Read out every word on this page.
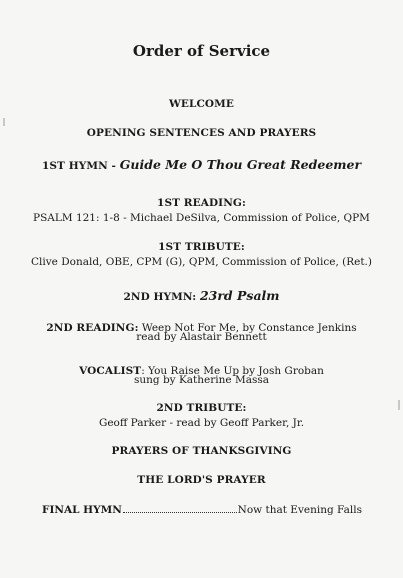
Order of Service
WELCOME
OPENING SENTENCES AND PRAYERS
1ST HYMN - Guide Me O Thou Great Redeemer
1ST READING:
PSALM 121: 1-8 - Michael DeSilva, Commission of Police, QPM
1ST TRIBUTE:
Clive Donald, OBE, CPM (G), QPM, Commission of Police, (Ret.)
2ND HYMN: 23rd Psalm
2ND READING: Weep Not For Me, by Constance Jenkins
read by Alastair Bennett
VOCALIST: You Raise Me Up by Josh Groban
sung by Katherine Massa
2ND TRIBUTE:
Geoff Parker - read by Geoff Parker, Jr.
PRAYERS OF THANKSGIVING
THE LORD'S PRAYER
FINAL HYMN	Now that Evening Falls
